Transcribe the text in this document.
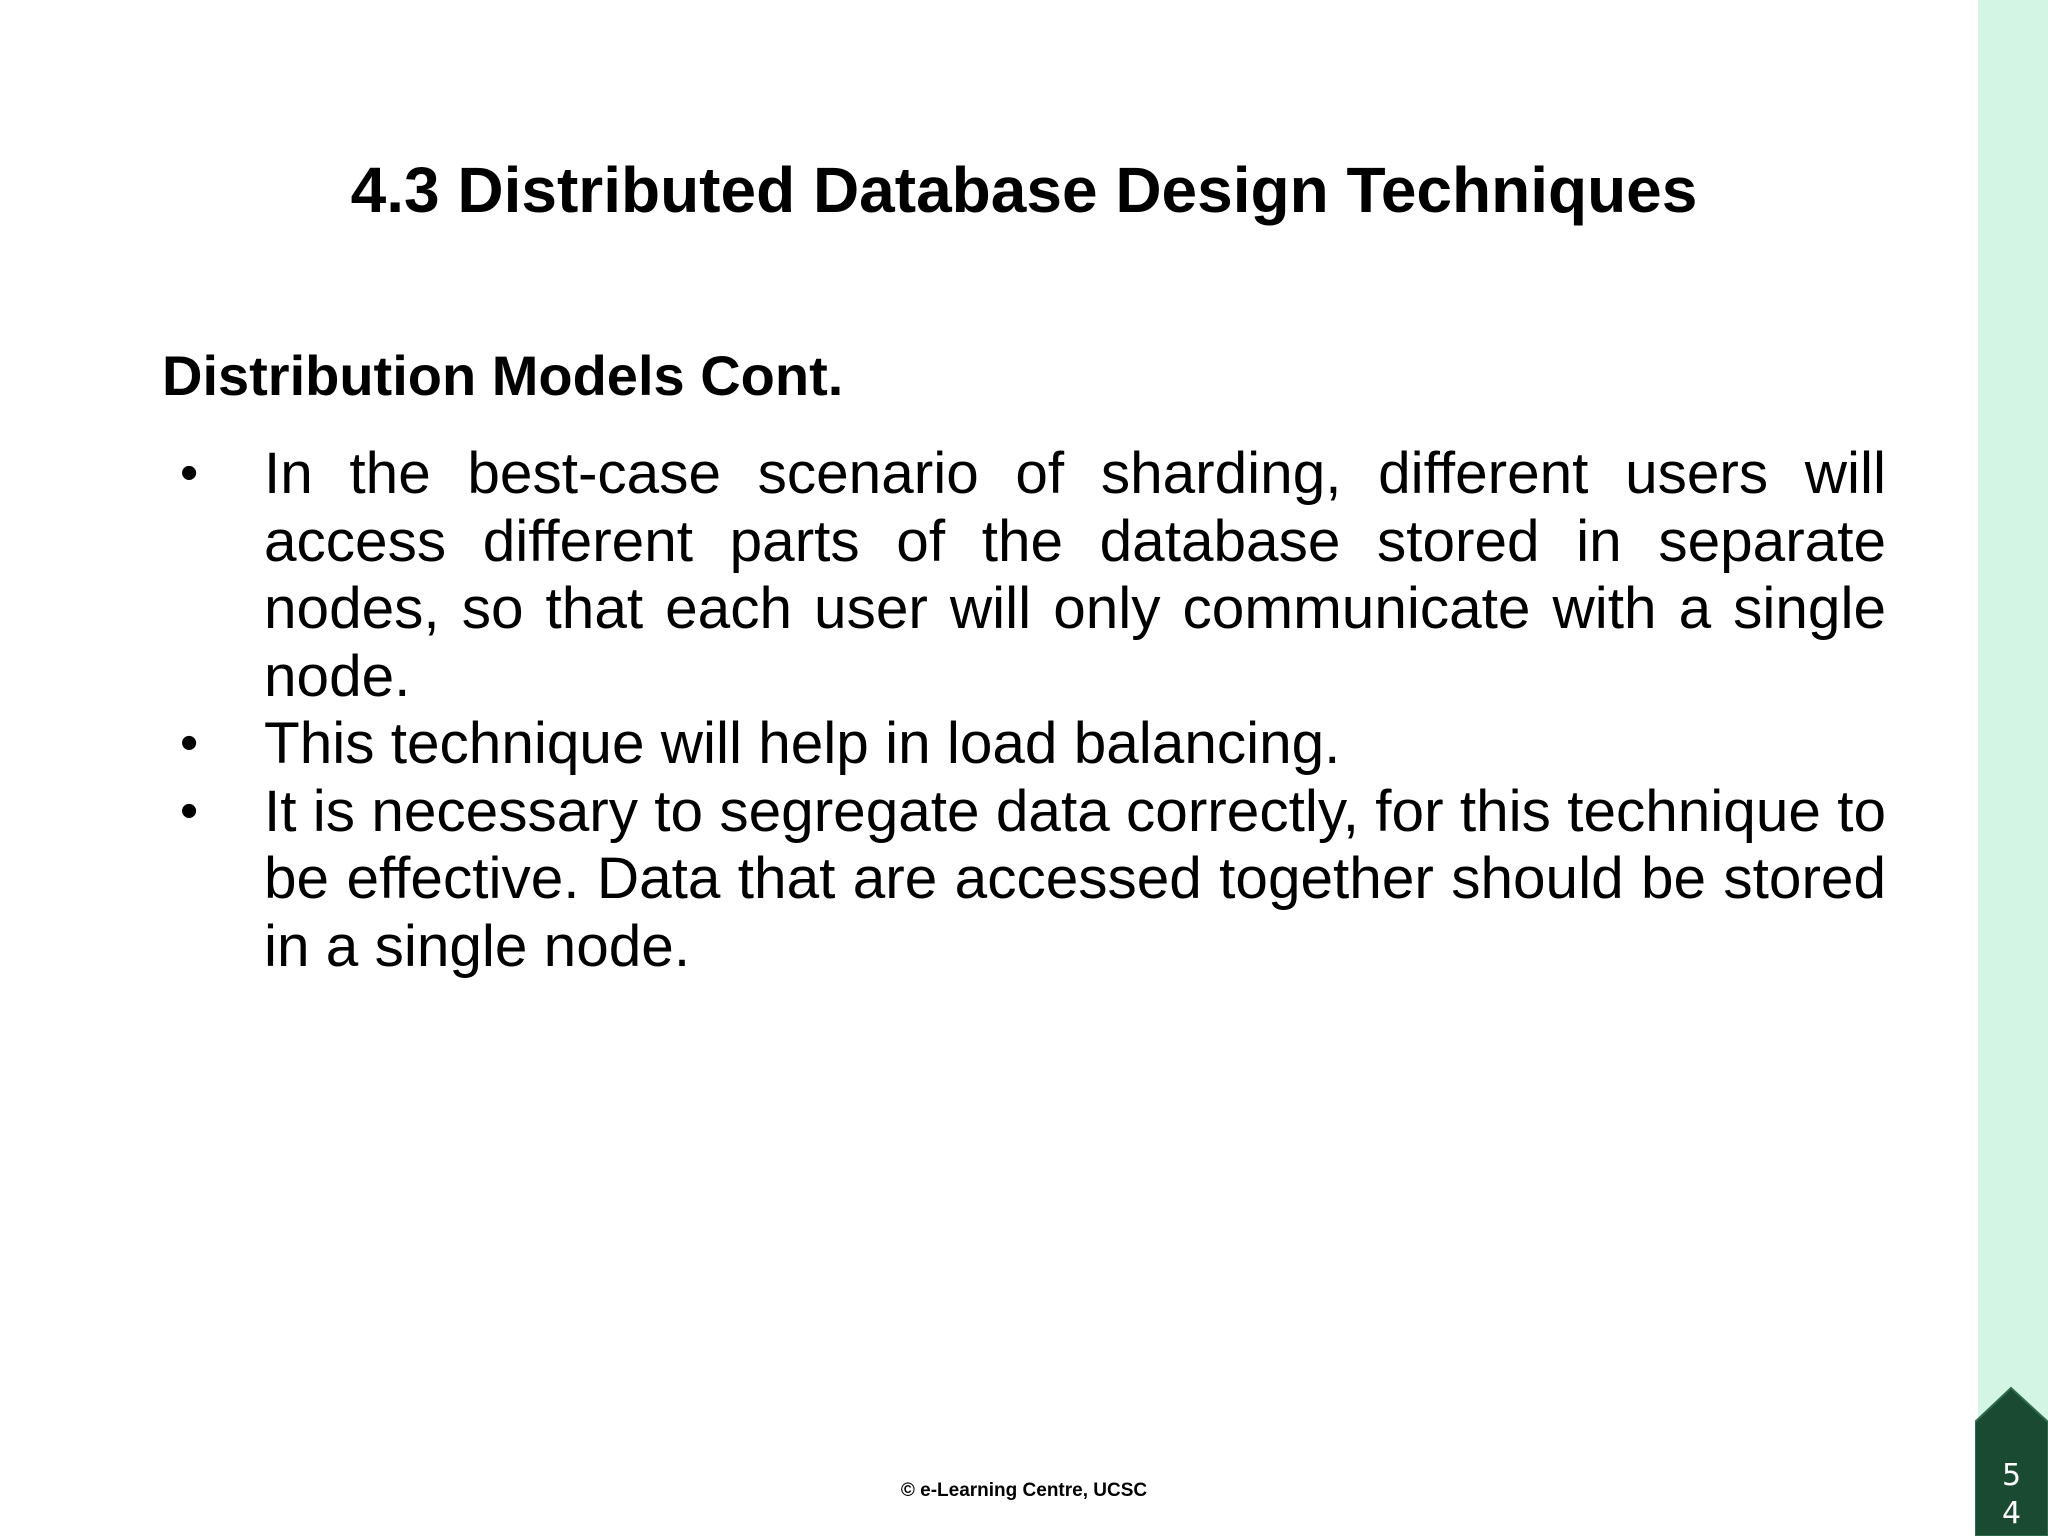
4.3 Distributed Database Design Techniques
Distribution Models Cont.
• In the best-case scenario of sharding, different users will access different parts of the database stored in separate nodes, so that each user will only communicate with a single node.
• This technique will help in load balancing.
• It is necessary to segregate data correctly, for this technique to be effective. Data that are accessed together should be stored in a single node.
© e-Learning Centre, UCSC	5
4
